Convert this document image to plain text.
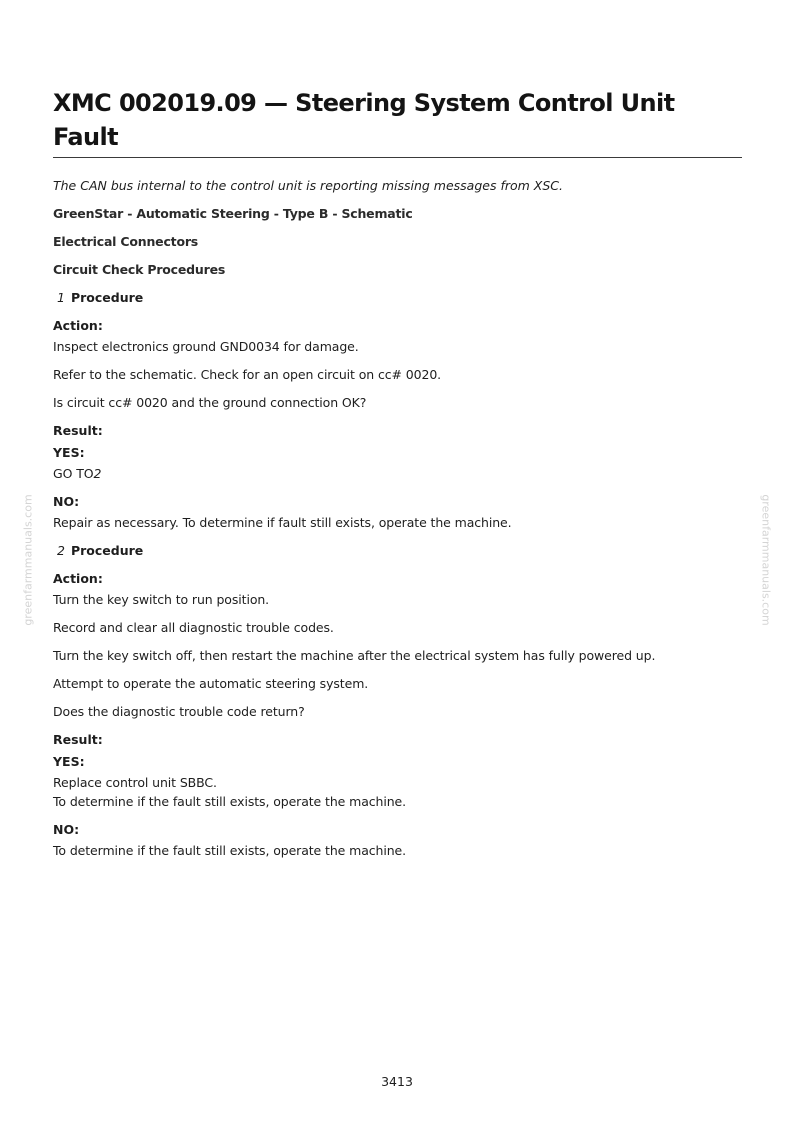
greenfarmmanuals.com	greenfarmmanuals.com
XMC 002019.09 — Steering System Control Unit Fault
The CAN bus internal to the control unit is reporting missing messages from XSC.
GreenStar - Automatic Steering - Type B - Schematic
Electrical Connectors
Circuit Check Procedures
1 Procedure
Action:
Inspect electronics ground GND0034 for damage.
Refer to the schematic. Check for an open circuit on cc# 0020.
Is circuit cc# 0020 and the ground connection OK?
Result:
YES:
GO TO2
NO:
Repair as necessary. To determine if fault still exists, operate the machine.
2 Procedure
Action:
Turn the key switch to run position.
Record and clear all diagnostic trouble codes.
Turn the key switch off, then restart the machine after the electrical system has fully powered up.
Attempt to operate the automatic steering system.
Does the diagnostic trouble code return?
Result:
YES:
Replace control unit SBBC.
To determine if the fault still exists, operate the machine.
NO:
To determine if the fault still exists, operate the machine.
3413
